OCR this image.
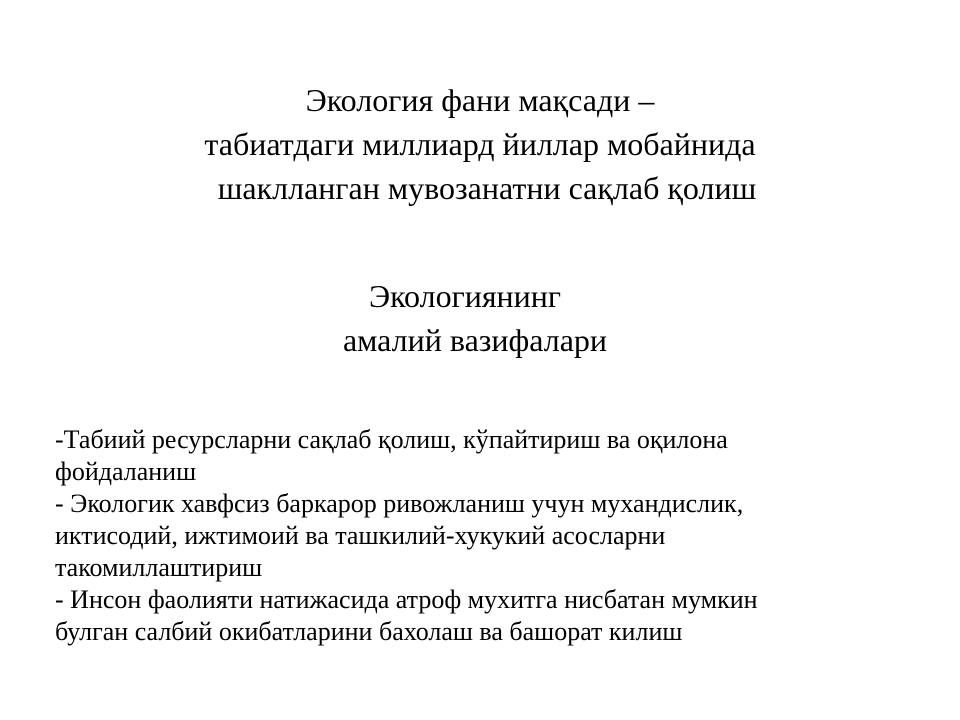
Экология фани мақсади –
табиатдаги миллиард йиллар мобайнида
шаклланган мувозанатни сақлаб қолиш
Экологиянинг
амалий вазифалари
-Табиий ресурсларни сақлаб қолиш, кўпайтириш ва оқилона
фойдаланиш
- Экологик хавфсиз баркарор ривожланиш учун мухандислик,
иктисодий, ижтимоий ва ташкилий-хукукий асосларни
такомиллаштириш
- Инсон фаолияти натижасида атроф мухитга нисбатан мумкин
булган салбий окибатларини бахолаш ва башорат килиш
